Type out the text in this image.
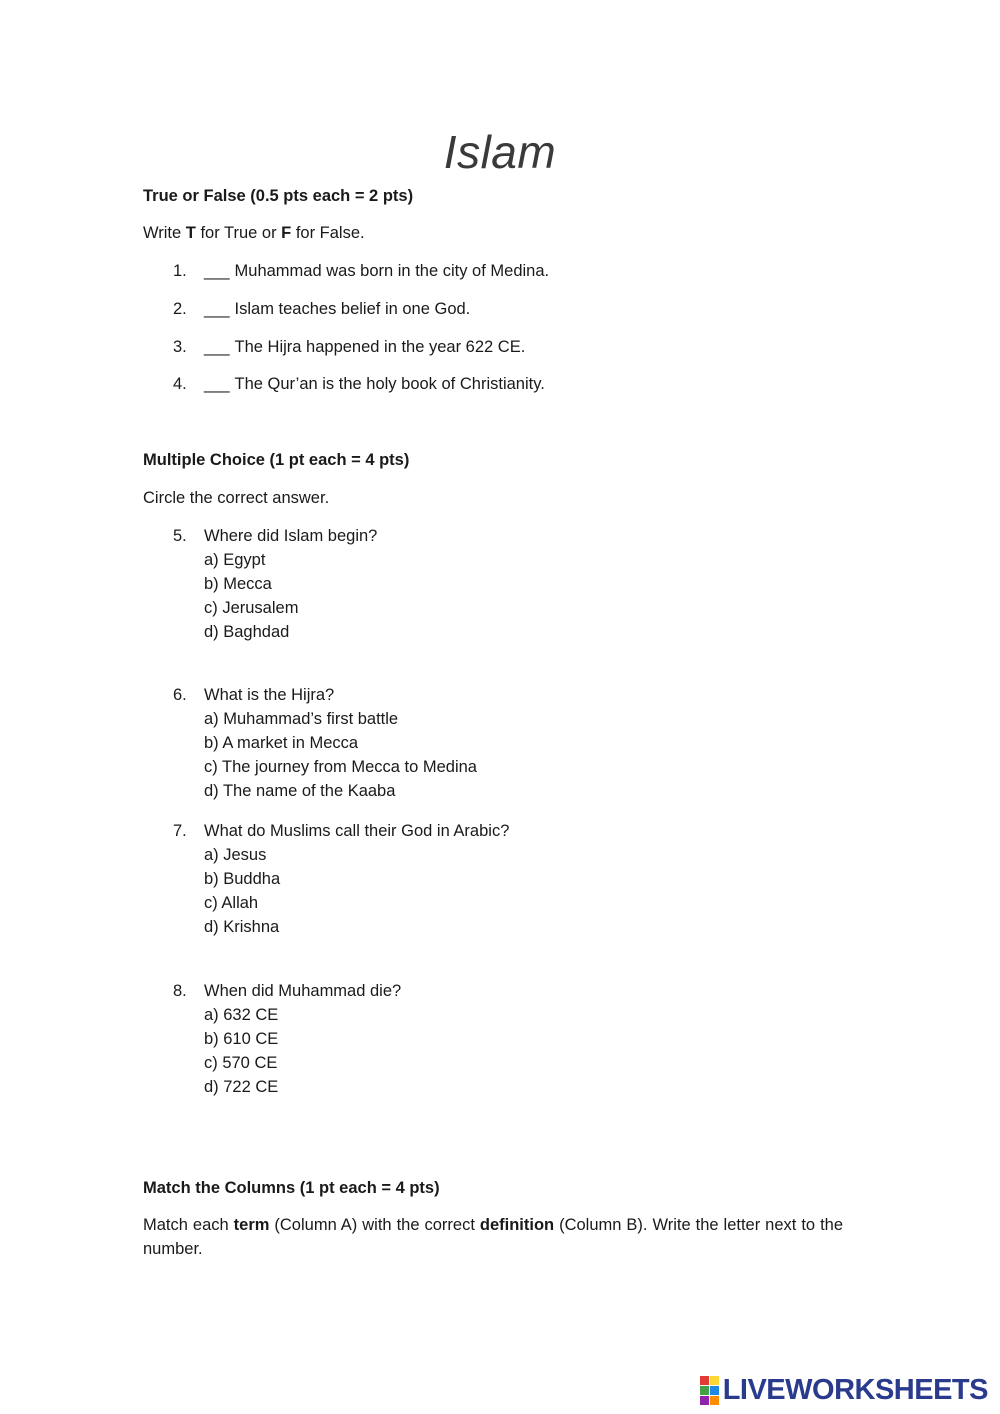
Islam
True or False (0.5 pts each = 2 pts)
Write T for True or F for False.
1. ___ Muhammad was born in the city of Medina.
2. ___ Islam teaches belief in one God.
3. ___ The Hijra happened in the year 622 CE.
4. ___ The Qur’an is the holy book of Christianity.
Multiple Choice (1 pt each = 4 pts)
Circle the correct answer.
5. Where did Islam begin?
a) Egypt
b) Mecca
c) Jerusalem
d) Baghdad
6. What is the Hijra?
a) Muhammad’s first battle
b) A market in Mecca
c) The journey from Mecca to Medina
d) The name of the Kaaba
7. What do Muslims call their God in Arabic?
a) Jesus
b) Buddha
c) Allah
d) Krishna
8. When did Muhammad die?
a) 632 CE
b) 610 CE
c) 570 CE
d) 722 CE
Match the Columns (1 pt each = 4 pts)
Match each term (Column A) with the correct definition (Column B). Write the letter next to the number.
LIVEWORKSHEETS
